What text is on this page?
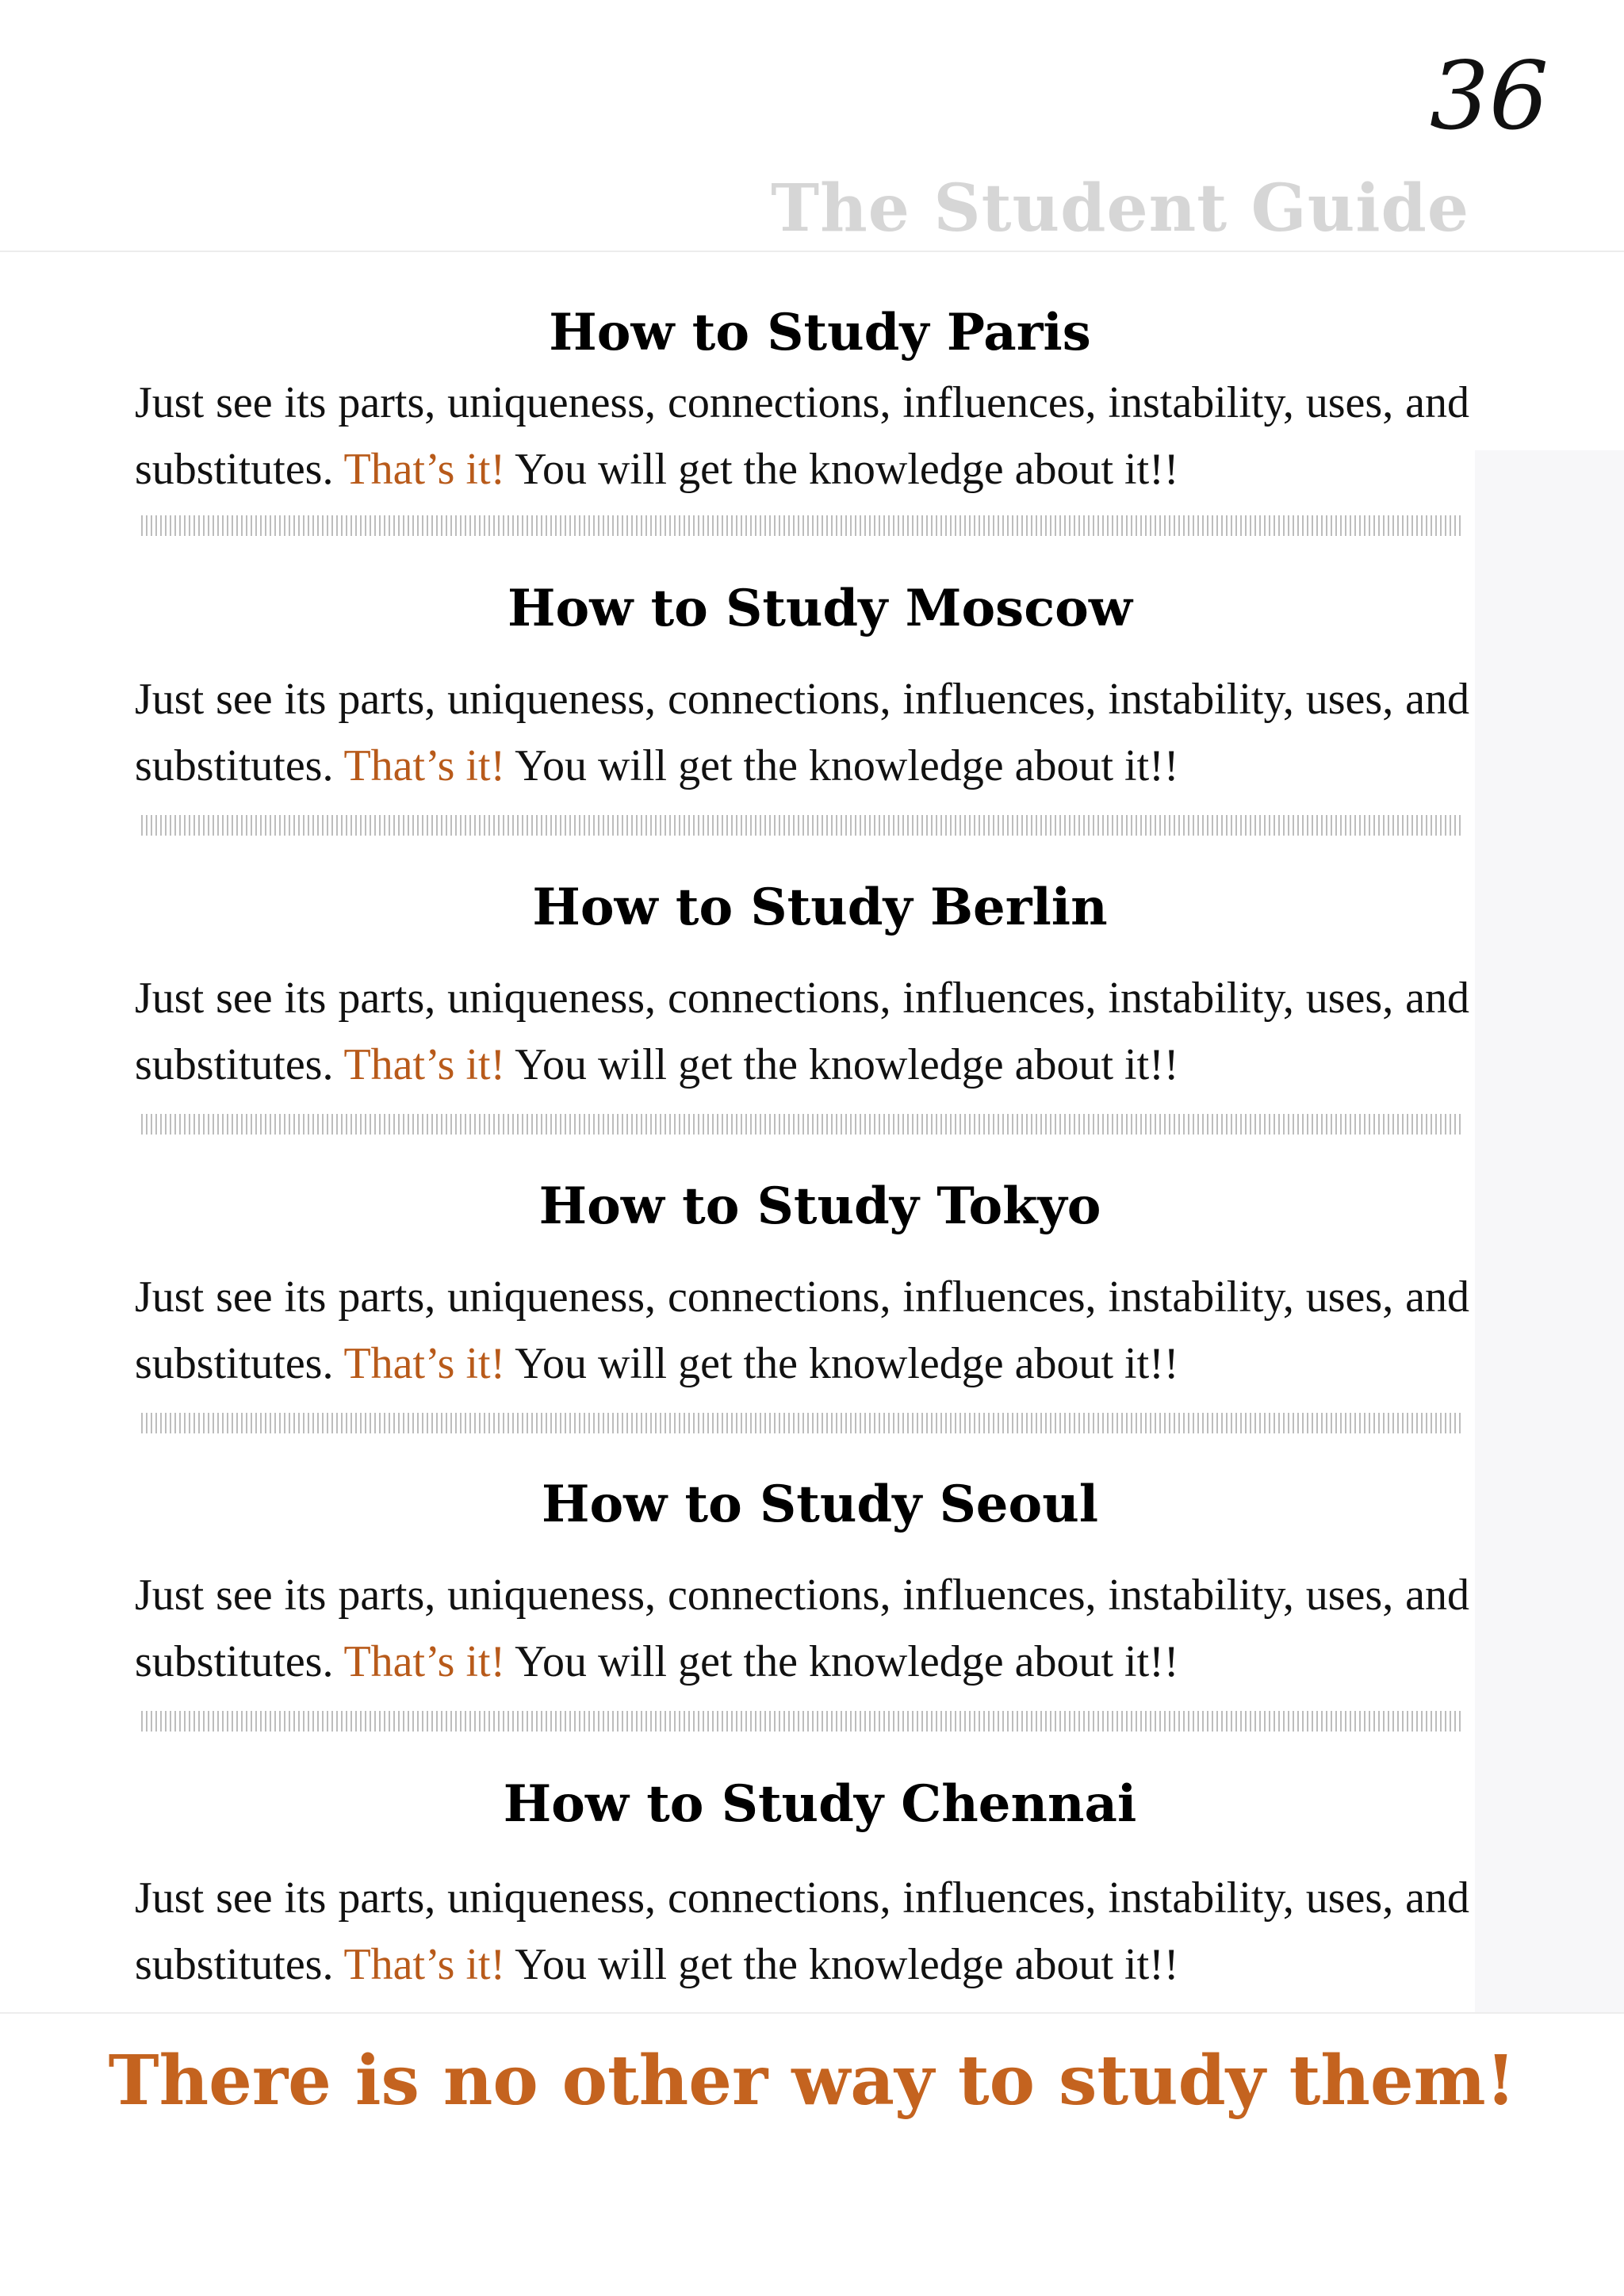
36
The Student Guide
How to Study Paris
Just see its parts, uniqueness, connections, influences, instability, uses, and substitutes. That’s it! You will get the knowledge about it!!
How to Study Moscow
Just see its parts, uniqueness, connections, influences, instability, uses, and substitutes. That’s it! You will get the knowledge about it!!
How to Study Berlin
Just see its parts, uniqueness, connections, influences, instability, uses, and substitutes. That’s it! You will get the knowledge about it!!
How to Study Tokyo
Just see its parts, uniqueness, connections, influences, instability, uses, and substitutes. That’s it! You will get the knowledge about it!!
How to Study Seoul
Just see its parts, uniqueness, connections, influences, instability, uses, and substitutes. That’s it! You will get the knowledge about it!!
How to Study Chennai
Just see its parts, uniqueness, connections, influences, instability, uses, and substitutes. That’s it! You will get the knowledge about it!!
There is no other way to study them!
